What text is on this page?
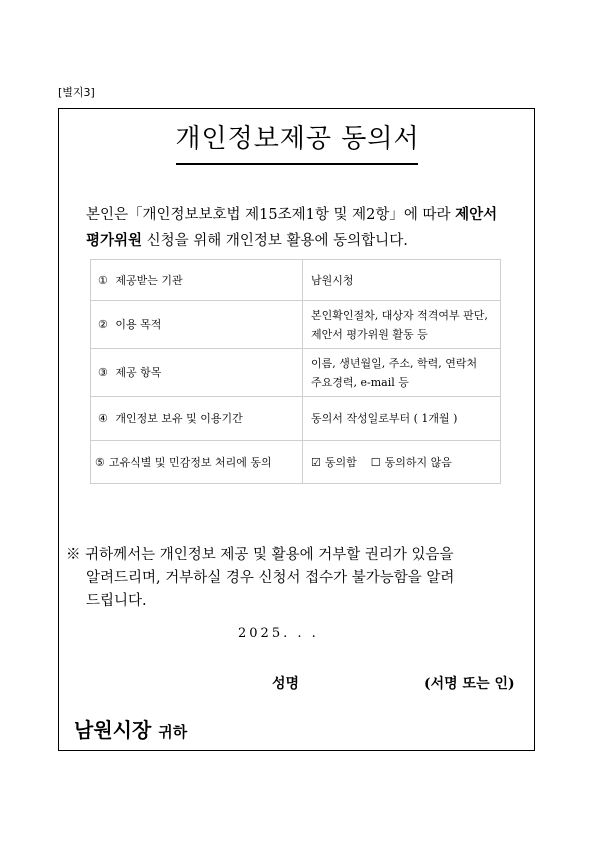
[별지3]
개인정보제공 동의서
본인은「개인정보보호법 제15조제1항 및 제2항」에 따라 제안서
평가위원 신청을 위해 개인정보 활용에 동의합니다.
① 제공받는 기관	남원시청
② 이용 목적	본인확인절차, 대상자 적격여부 판단,
제안서 평가위원 활동 등
③ 제공 항목	이름, 생년월일, 주소, 학력, 연락처
주요경력, e-mail 등
④ 개인정보 보유 및 이용기간	동의서 작성일로부터 ( 1개월 )
⑤ 고유식별 및 민감정보 처리에 동의	☑ 동의함 ☐ 동의하지 않음
※ 귀하께서는 개인정보 제공 및 활용에 거부할 권리가 있음을
알려드리며, 거부하실 경우 신청서 접수가 불가능함을 알려
드립니다.
2025. . .
성명	(서명 또는 인)
남원시장 귀하
